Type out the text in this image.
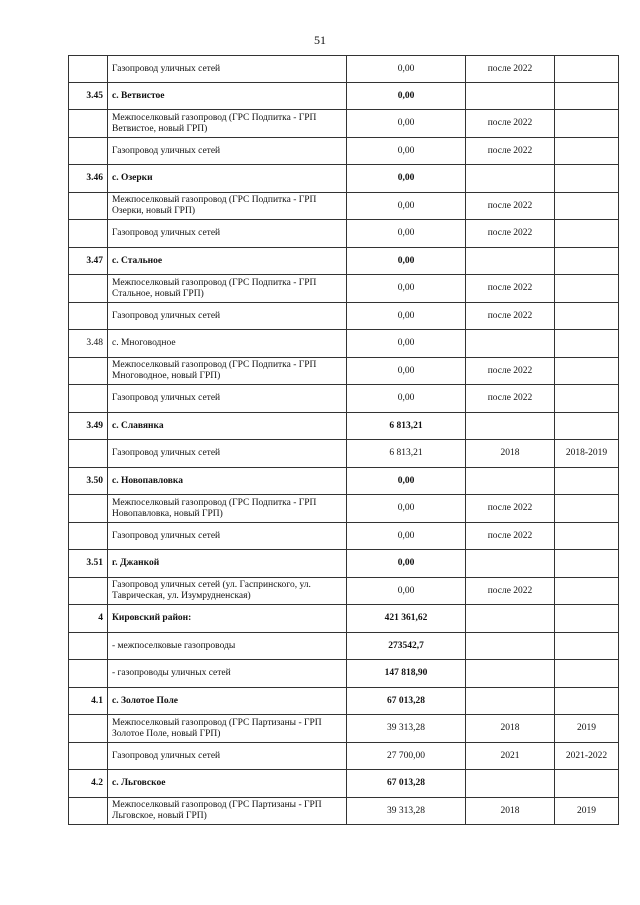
51
	Газопровод уличных сетей	0,00	после 2022	
3.45	с. Ветвистое	0,00		
	Межпоселковый газопровод (ГРС Подпитка - ГРП Ветвистое, новый ГРП)	0,00	после 2022	
	Газопровод уличных сетей	0,00	после 2022	
3.46	с. Озерки	0,00		
	Межпоселковый газопровод (ГРС Подпитка - ГРП Озерки, новый ГРП)	0,00	после 2022	
	Газопровод уличных сетей	0,00	после 2022	
3.47	с. Стальное	0,00		
	Межпоселковый газопровод (ГРС Подпитка - ГРП Стальное, новый ГРП)	0,00	после 2022	
	Газопровод уличных сетей	0,00	после 2022	
3.48	с. Многоводное	0,00		
	Межпоселковый газопровод (ГРС Подпитка - ГРП Многоводное, новый ГРП)	0,00	после 2022	
	Газопровод уличных сетей	0,00	после 2022	
3.49	с. Славянка	6 813,21		
	Газопровод уличных сетей	6 813,21	2018	2018-2019
3.50	с. Новопавловка	0,00		
	Межпоселковый газопровод (ГРС Подпитка - ГРП Новопавловка, новый ГРП)	0,00	после 2022	
	Газопровод уличных сетей	0,00	после 2022	
3.51	г. Джанкой	0,00		
	Газопровод уличных сетей (ул. Гаспринского, ул. Таврическая, ул. Изумрудненская)	0,00	после 2022	
4	Кировский район:	421 361,62		
	- межпоселковые газопроводы	273542,7		
	- газопроводы уличных сетей	147 818,90		
4.1	с. Золотое Поле	67 013,28		
	Межпоселковый газопровод (ГРС Партизаны - ГРП Золотое Поле, новый ГРП)	39 313,28	2018	2019
	Газопровод уличных сетей	27 700,00	2021	2021-2022
4.2	с. Льговское	67 013,28		
	Межпоселковый газопровод (ГРС Партизаны - ГРП Льговское, новый ГРП)	39 313,28	2018	2019
